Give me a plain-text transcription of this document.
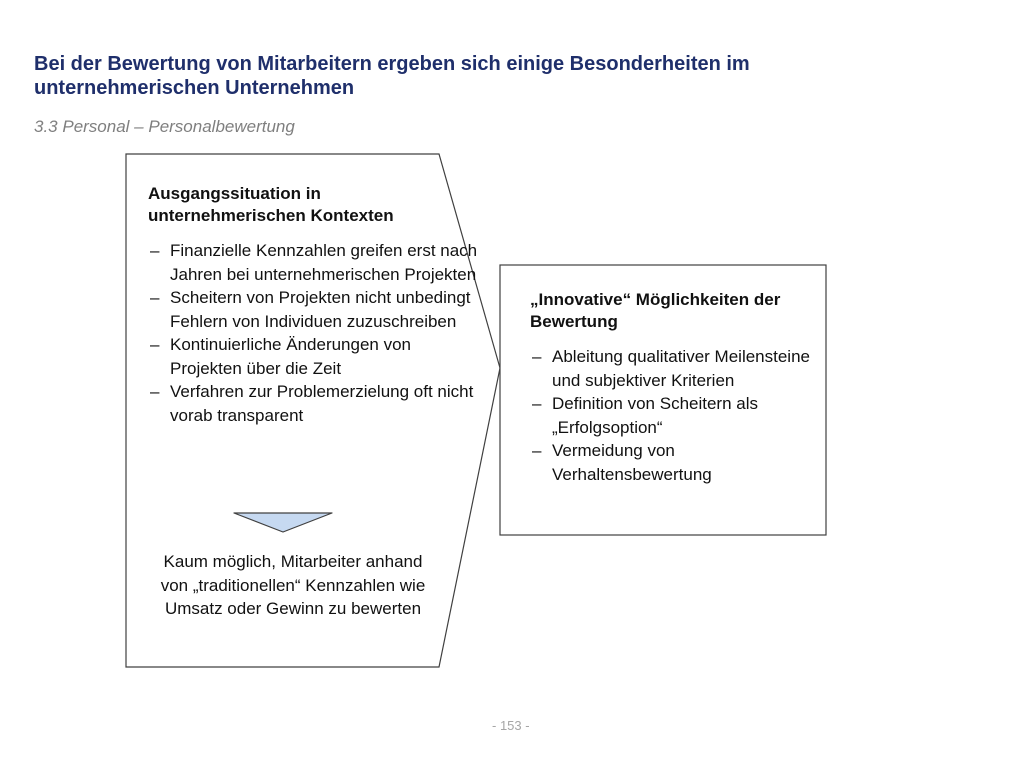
Bei der Bewertung von Mitarbeitern ergeben sich einige Besonderheiten im unternehmerischen Unternehmen
3.3 Personal – Personalbewertung
Ausgangssituation in unternehmerischen Kontexten
– Finanzielle Kennzahlen greifen erst nach Jahren bei unternehmerischen Projekten
– Scheitern von Projekten nicht unbedingt Fehlern von Individuen zuzuschreiben
– Kontinuierliche Änderungen von Projekten über die Zeit
– Verfahren zur Problemerzielung oft nicht vorab transparent
Kaum möglich, Mitarbeiter anhand von „traditionellen“ Kennzahlen wie Umsatz oder Gewinn zu bewerten
„Innovative“ Möglichkeiten der Bewertung
– Ableitung qualitativer Meilensteine und subjektiver Kriterien
– Definition von Scheitern als „Erfolgsoption“
– Vermeidung von Verhaltensbewertung
- 153 -
